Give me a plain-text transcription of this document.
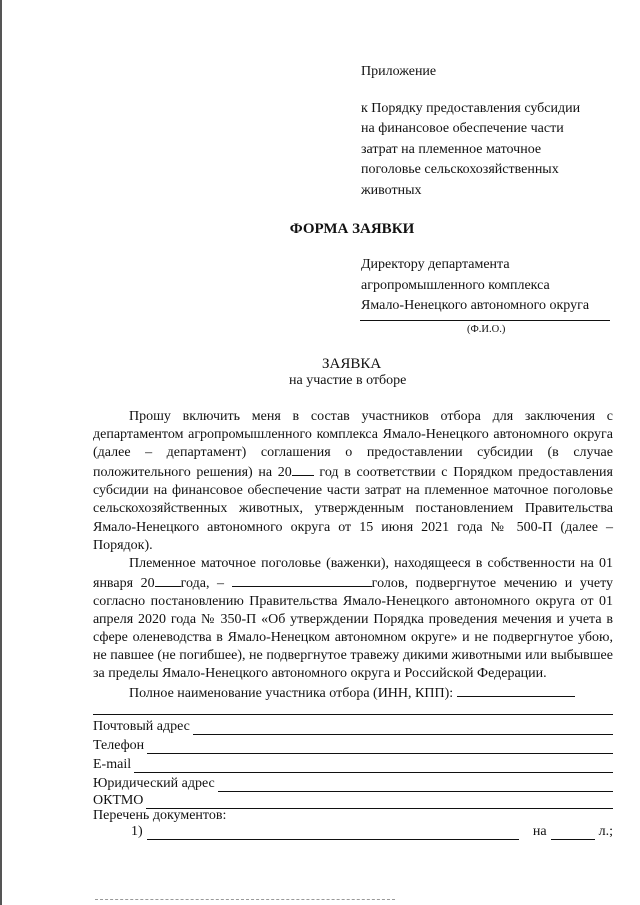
Приложение
к Порядку предоставления субсидии
на финансовое обеспечение части
затрат на племенное маточное
поголовье сельскохозяйственных
животных
ФОРМА ЗАЯВКИ
Директору департамента
агропромышленного комплекса
Ямало-Ненецкого автономного округа
(Ф.И.О.)
ЗАЯВКА
на участие в отборе

Прошу включить меня в состав участников отбора для заключения с департаментом агропромышленного комплекса Ямало-Ненецкого автономного округа (далее – департамент) соглашения о предоставлении субсидии (в случае положительного решения) на 20 год в соответствии с Порядком предоставления субсидии на финансовое обеспечение части затрат на племенное маточное поголовье сельскохозяйственных животных, утвержденным постановлением Правительства Ямало-Ненецкого автономного округа от 15 июня 2021 года № 500-П (далее – Порядок).

Племенное маточное поголовье (важенки), находящееся в собственности на 01 января 20 года, –	голов, подвергнутое мечению и учету согласно постановлению Правительства Ямало-Ненецкого автономного округа от 01 апреля 2020 года № 350-П «Об утверждении Порядка проведения мечения и учета в сфере оленеводства в Ямало-Ненецком автономном округе» и не подвергнутое убою, не павшее (не погибшее), не подвергнутое травежу дикими животными или выбывшее за пределы Ямало-Ненецкого автономного округа и Российской Федерации.

Полное наименование участника отбора (ИНН, КПП):

Почтовый адрес
Телефон
E-mail
Юридический адрес
ОКТМО
Перечень документов:
1)	на	л.;
